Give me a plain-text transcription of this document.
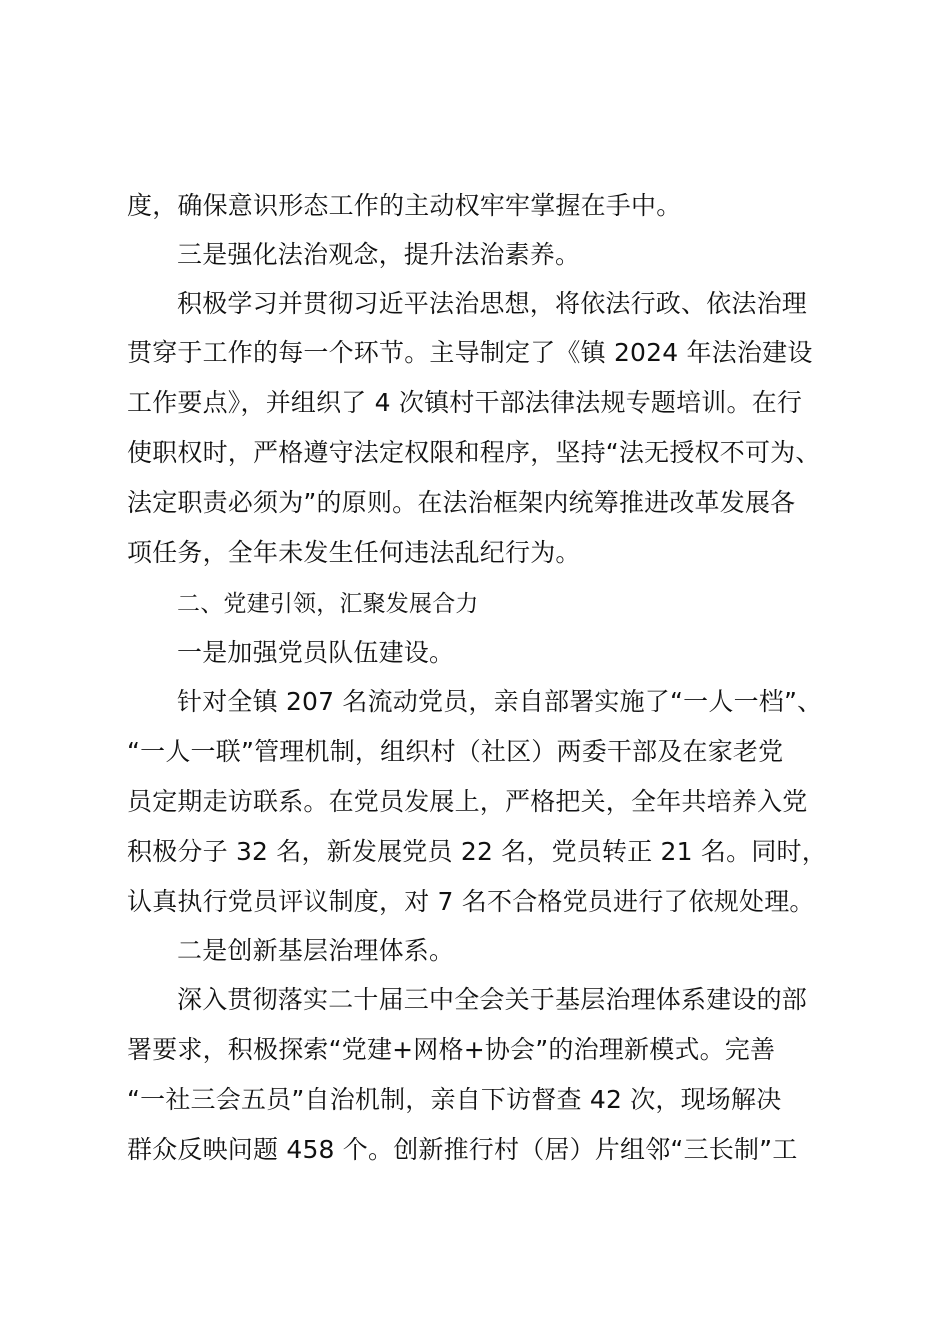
度，确保意识形态工作的主动权牢牢掌握在手中。
三是强化法治观念，提升法治素养。
积极学习并贯彻习近平法治思想，将依法行政、依法治理
贯穿于工作的每一个环节。主导制定了《镇 2024 年法治建设
工作要点》，并组织了 4 次镇村干部法律法规专题培训。在行
使职权时，严格遵守法定权限和程序，坚持“法无授权不可为、
法定职责必须为”的原则。在法治框架内统筹推进改革发展各
项任务，全年未发生任何违法乱纪行为。
二、党建引领，汇聚发展合力
一是加强党员队伍建设。
针对全镇 207 名流动党员，亲自部署实施了“一人一档”、
“一人一联”管理机制，组织村（社区）两委干部及在家老党
员定期走访联系。在党员发展上，严格把关，全年共培养入党
积极分子 32 名，新发展党员 22 名，党员转正 21 名。同时，
认真执行党员评议制度，对 7 名不合格党员进行了依规处理。
二是创新基层治理体系。
深入贯彻落实二十届三中全会关于基层治理体系建设的部
署要求，积极探索“党建+网格+协会”的治理新模式。完善
“一社三会五员”自治机制，亲自下访督查 42 次，现场解决
群众反映问题 458 个。创新推行村（居）片组邻“三长制”工
